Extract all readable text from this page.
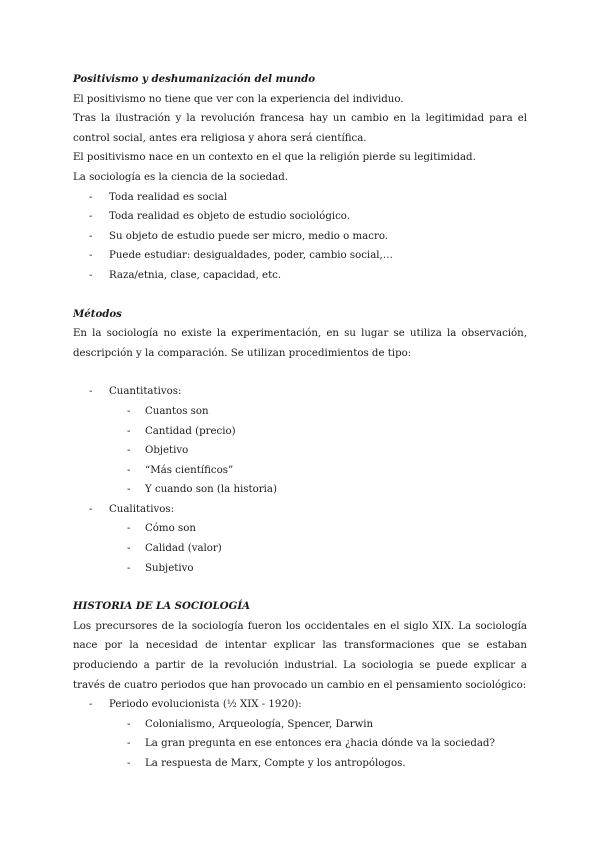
Positivismo y deshumanización del mundo

El positivismo no tiene que ver con la experiencia del individuo.

Tras la ilustración y la revolución francesa hay un cambio en la legitimidad para el control social, antes era religiosa y ahora será científica.

El positivismo nace en un contexto en el que la religión pierde su legitimidad.

La sociología es la ciencia de la sociedad.

- Toda realidad es social
- Toda realidad es objeto de estudio sociológico.
- Su objeto de estudio puede ser micro, medio o macro.
- Puede estudiar: desigualdades, poder, cambio social,…
- Raza/etnia, clase, capacidad, etc.

Métodos

En la sociología no existe la experimentación, en su lugar se utiliza la observación, descripción y la comparación. Se utilizan procedimientos de tipo:

- Cuantitativos:
- Cuantos son
- Cantidad (precio)
- Objetivo
- “Más científicos”
- Y cuando son (la historia)
- Cualitativos:
- Cómo son
- Calidad (valor)
- Subjetivo

HISTORIA DE LA SOCIOLOGÍA

Los precursores de la sociología fueron los occidentales en el siglo XIX. La sociología nace por la necesidad de intentar explicar las transformaciones que se estaban produciendo a partir de la revolución industrial. La sociologia se puede explicar a través de cuatro periodos que han provocado un cambio en el pensamiento sociológico:

- Periodo evolucionista (½ XIX - 1920):
- Colonialismo, Arqueología, Spencer, Darwin
- La gran pregunta en ese entonces era ¿hacia dónde va la sociedad?
- La respuesta de Marx, Compte y los antropólogos.
